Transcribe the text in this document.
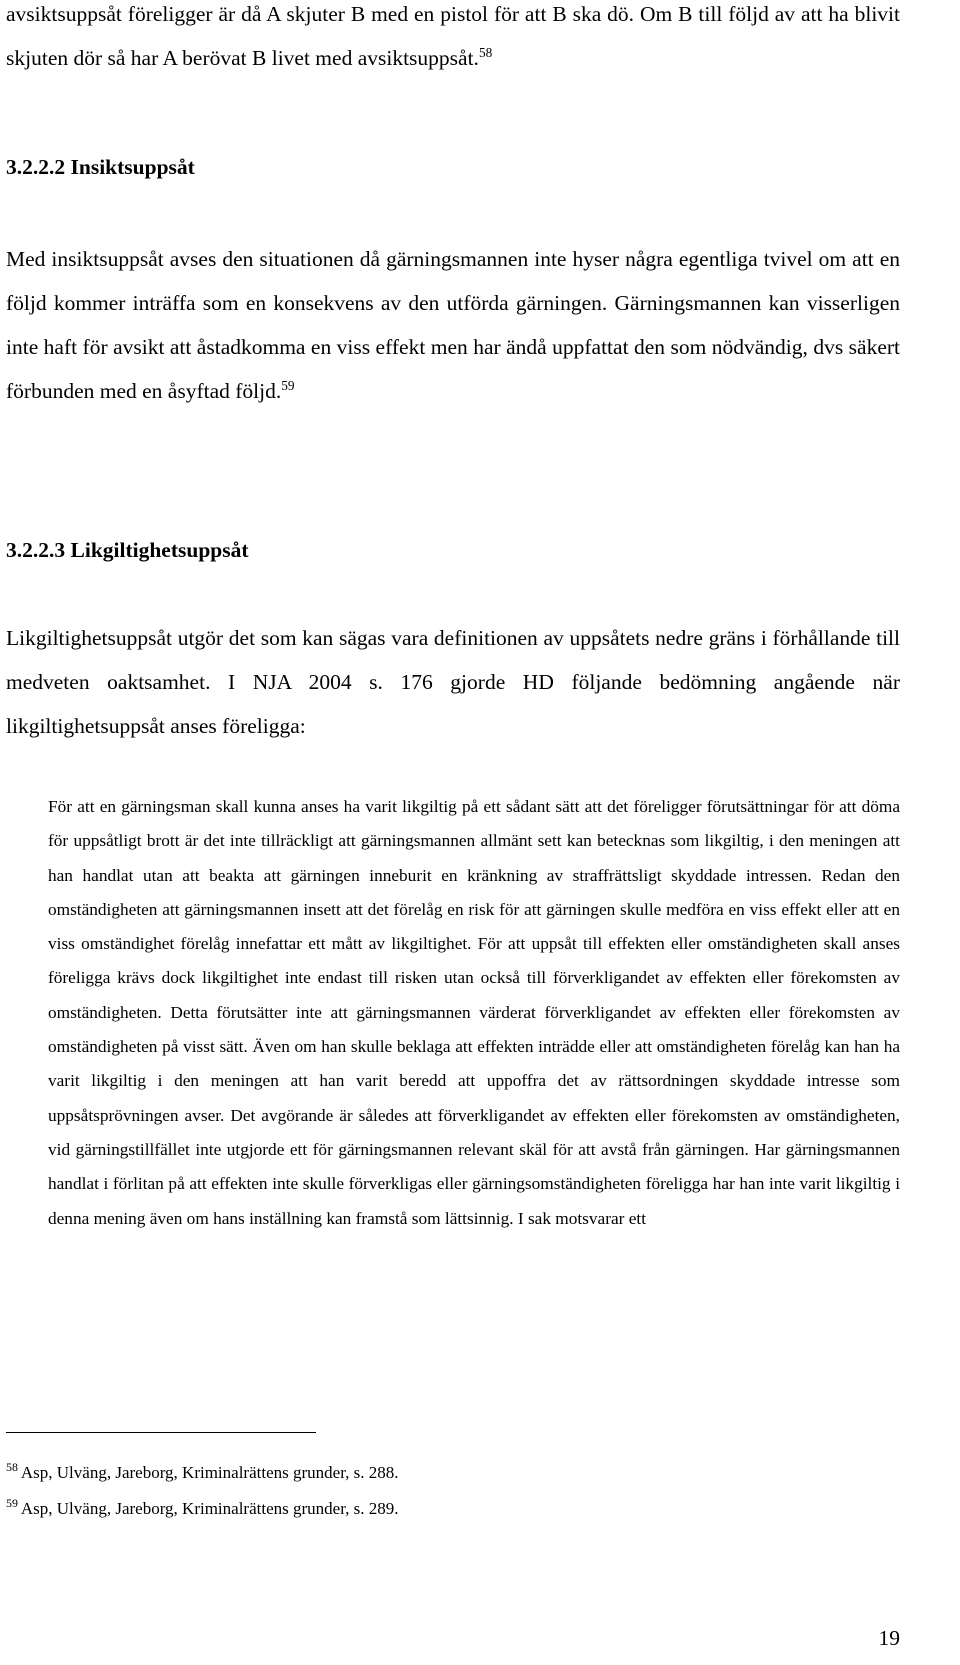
avsiktsuppsåt föreligger är då A skjuter B med en pistol för att B ska dö. Om B till följd av att ha blivit skjuten dör så har A berövat B livet med avsiktsuppsåt.$^{58}$

3.2.2.2 Insiktsuppsåt

Med insiktsuppsåt avses den situationen då gärningsmannen inte hyser några egentliga tvivel om att en följd kommer inträffa som en konsekvens av den utförda gärningen. Gärningsmannen kan visserligen inte haft för avsikt att åstadkomma en viss effekt men har ändå uppfattat den som nödvändig, dvs säkert förbunden med en åsyftad följd.$^{59}$

3.2.2.3 Likgiltighetsuppsåt

Likgiltighetsuppsåt utgör det som kan sägas vara definitionen av uppsåtets nedre gräns i förhållande till medveten oaktsamhet. I NJA 2004 s. 176 gjorde HD följande bedömning angående när likgiltighetsuppsåt anses föreligga:

För att en gärningsman skall kunna anses ha varit likgiltig på ett sådant sätt att det föreligger förutsättningar för att döma för uppsåtligt brott är det inte tillräckligt att gärningsmannen allmänt sett kan betecknas som likgiltig, i den meningen att han handlat utan att beakta att gärningen inneburit en kränkning av straffrättsligt skyddade intressen. Redan den omständigheten att gärningsmannen insett att det förelåg en risk för att gärningen skulle medföra en viss effekt eller att en viss omständighet förelåg innefattar ett mått av likgiltighet. För att uppsåt till effekten eller omständigheten skall anses föreligga krävs dock likgiltighet inte endast till risken utan också till förverkligandet av effekten eller förekomsten av omständigheten. Detta förutsätter inte att gärningsmannen värderat förverkligandet av effekten eller förekomsten av omständigheten på visst sätt. Även om han skulle beklaga att effekten inträdde eller att omständigheten förelåg kan han ha varit likgiltig i den meningen att han varit beredd att uppoffra det av rättsordningen skyddade intresse som uppsåtsprövningen avser. Det avgörande är således att förverkligandet av effekten eller förekomsten av omständigheten, vid gärningstillfället inte utgjorde ett för gärningsmannen relevant skäl för att avstå från gärningen. Har gärningsmannen handlat i förlitan på att effekten inte skulle förverkligas eller gärningsomständigheten föreligga har han inte varit likgiltig i denna mening även om hans inställning kan framstå som lättsinnig. I sak motsvarar ett

$^{58}$ Asp, Ulväng, Jareborg, Kriminalrättens grunder, s. 288.

$^{59}$ Asp, Ulväng, Jareborg, Kriminalrättens grunder, s. 289.

19
